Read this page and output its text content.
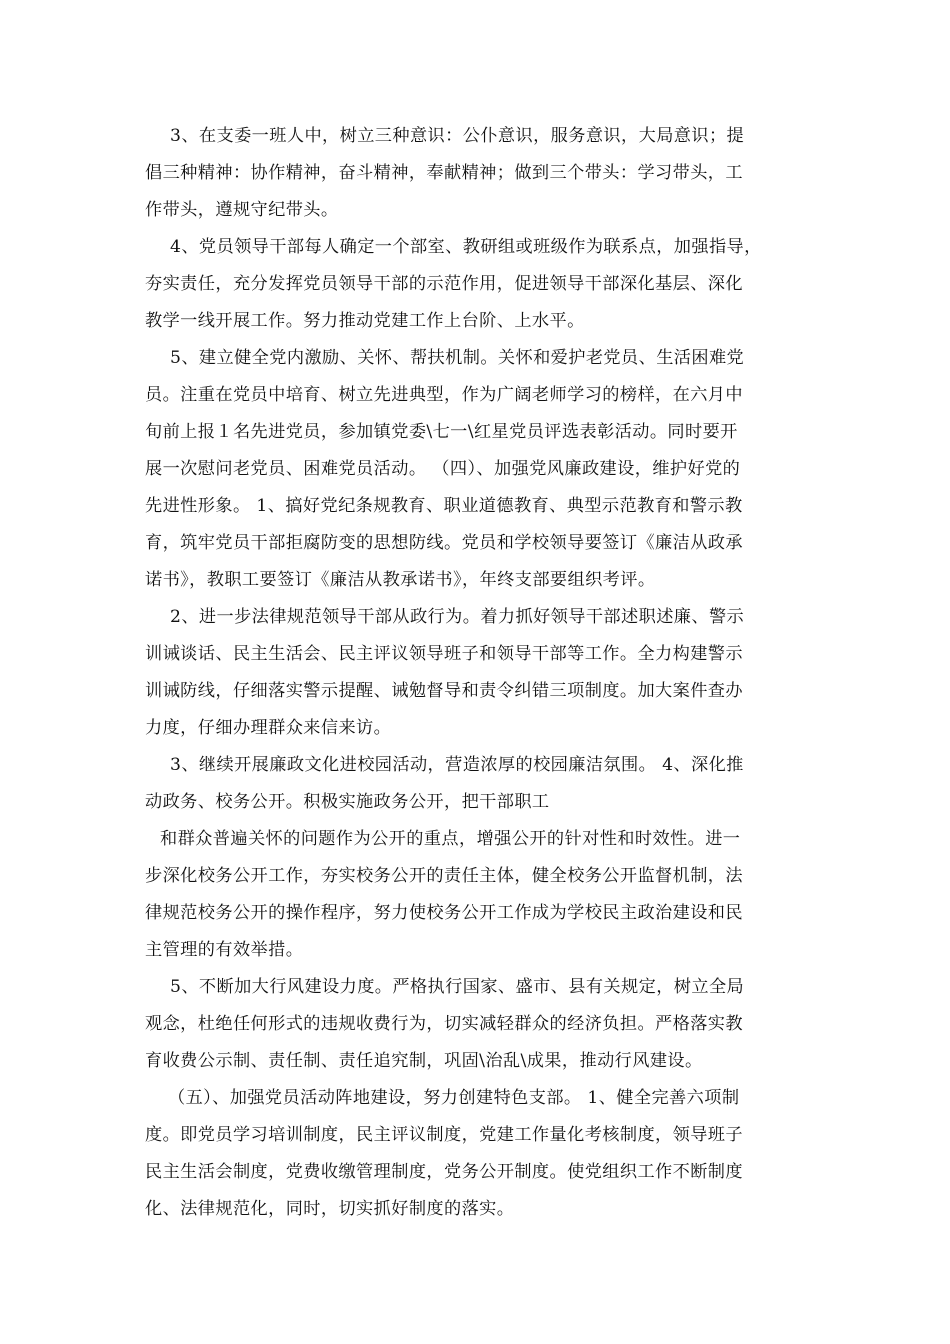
3、在支委一班人中，树立三种意识：公仆意识，服务意识，大局意识；提
倡三种精神：协作精神，奋斗精神，奉献精神；做到三个带头：学习带头，工
作带头，遵规守纪带头。
4、党员领导干部每人确定一个部室、教研组或班级作为联系点，加强指导，
夯实责任，充分发挥党员领导干部的示范作用，促进领导干部深化基层、深化
教学一线开展工作。努力推动党建工作上台阶、上水平。
5、建立健全党内激励、关怀、帮扶机制。关怀和爱护老党员、生活困难党
员。注重在党员中培育、树立先进典型，作为广阔老师学习的榜样，在六月中
旬前上报１名先进党员，参加镇党委\七一\红星党员评选表彰活动。同时要开
展一次慰问老党员、困难党员活动。 （四）、加强党风廉政建设，维护好党的
先进性形象。 1、搞好党纪条规教育、职业道德教育、典型示范教育和警示教
育，筑牢党员干部拒腐防变的思想防线。党员和学校领导要签订《廉洁从政承
诺书》，教职工要签订《廉洁从教承诺书》，年终支部要组织考评。
2、进一步法律规范领导干部从政行为。着力抓好领导干部述职述廉、警示
训诫谈话、民主生活会、民主评议领导班子和领导干部等工作。全力构建警示
训诫防线，仔细落实警示提醒、诫勉督导和责令纠错三项制度。加大案件查办
力度，仔细办理群众来信来访。
3、继续开展廉政文化进校园活动，营造浓厚的校园廉洁氛围。 4、深化推
动政务、校务公开。积极实施政务公开，把干部职工
和群众普遍关怀的问题作为公开的重点，增强公开的针对性和时效性。进一
步深化校务公开工作，夯实校务公开的责任主体，健全校务公开监督机制，法
律规范校务公开的操作程序，努力使校务公开工作成为学校民主政治建设和民
主管理的有效举措。
5、不断加大行风建设力度。严格执行国家、盛市、县有关规定，树立全局
观念，杜绝任何形式的违规收费行为，切实减轻群众的经济负担。严格落实教
育收费公示制、责任制、责任追究制，巩固\治乱\成果，推动行风建设。
（五）、加强党员活动阵地建设，努力创建特色支部。 1、健全完善六项制
度。即党员学习培训制度，民主评议制度，党建工作量化考核制度，领导班子
民主生活会制度，党费收缴管理制度，党务公开制度。使党组织工作不断制度
化、法律规范化，同时，切实抓好制度的落实。
